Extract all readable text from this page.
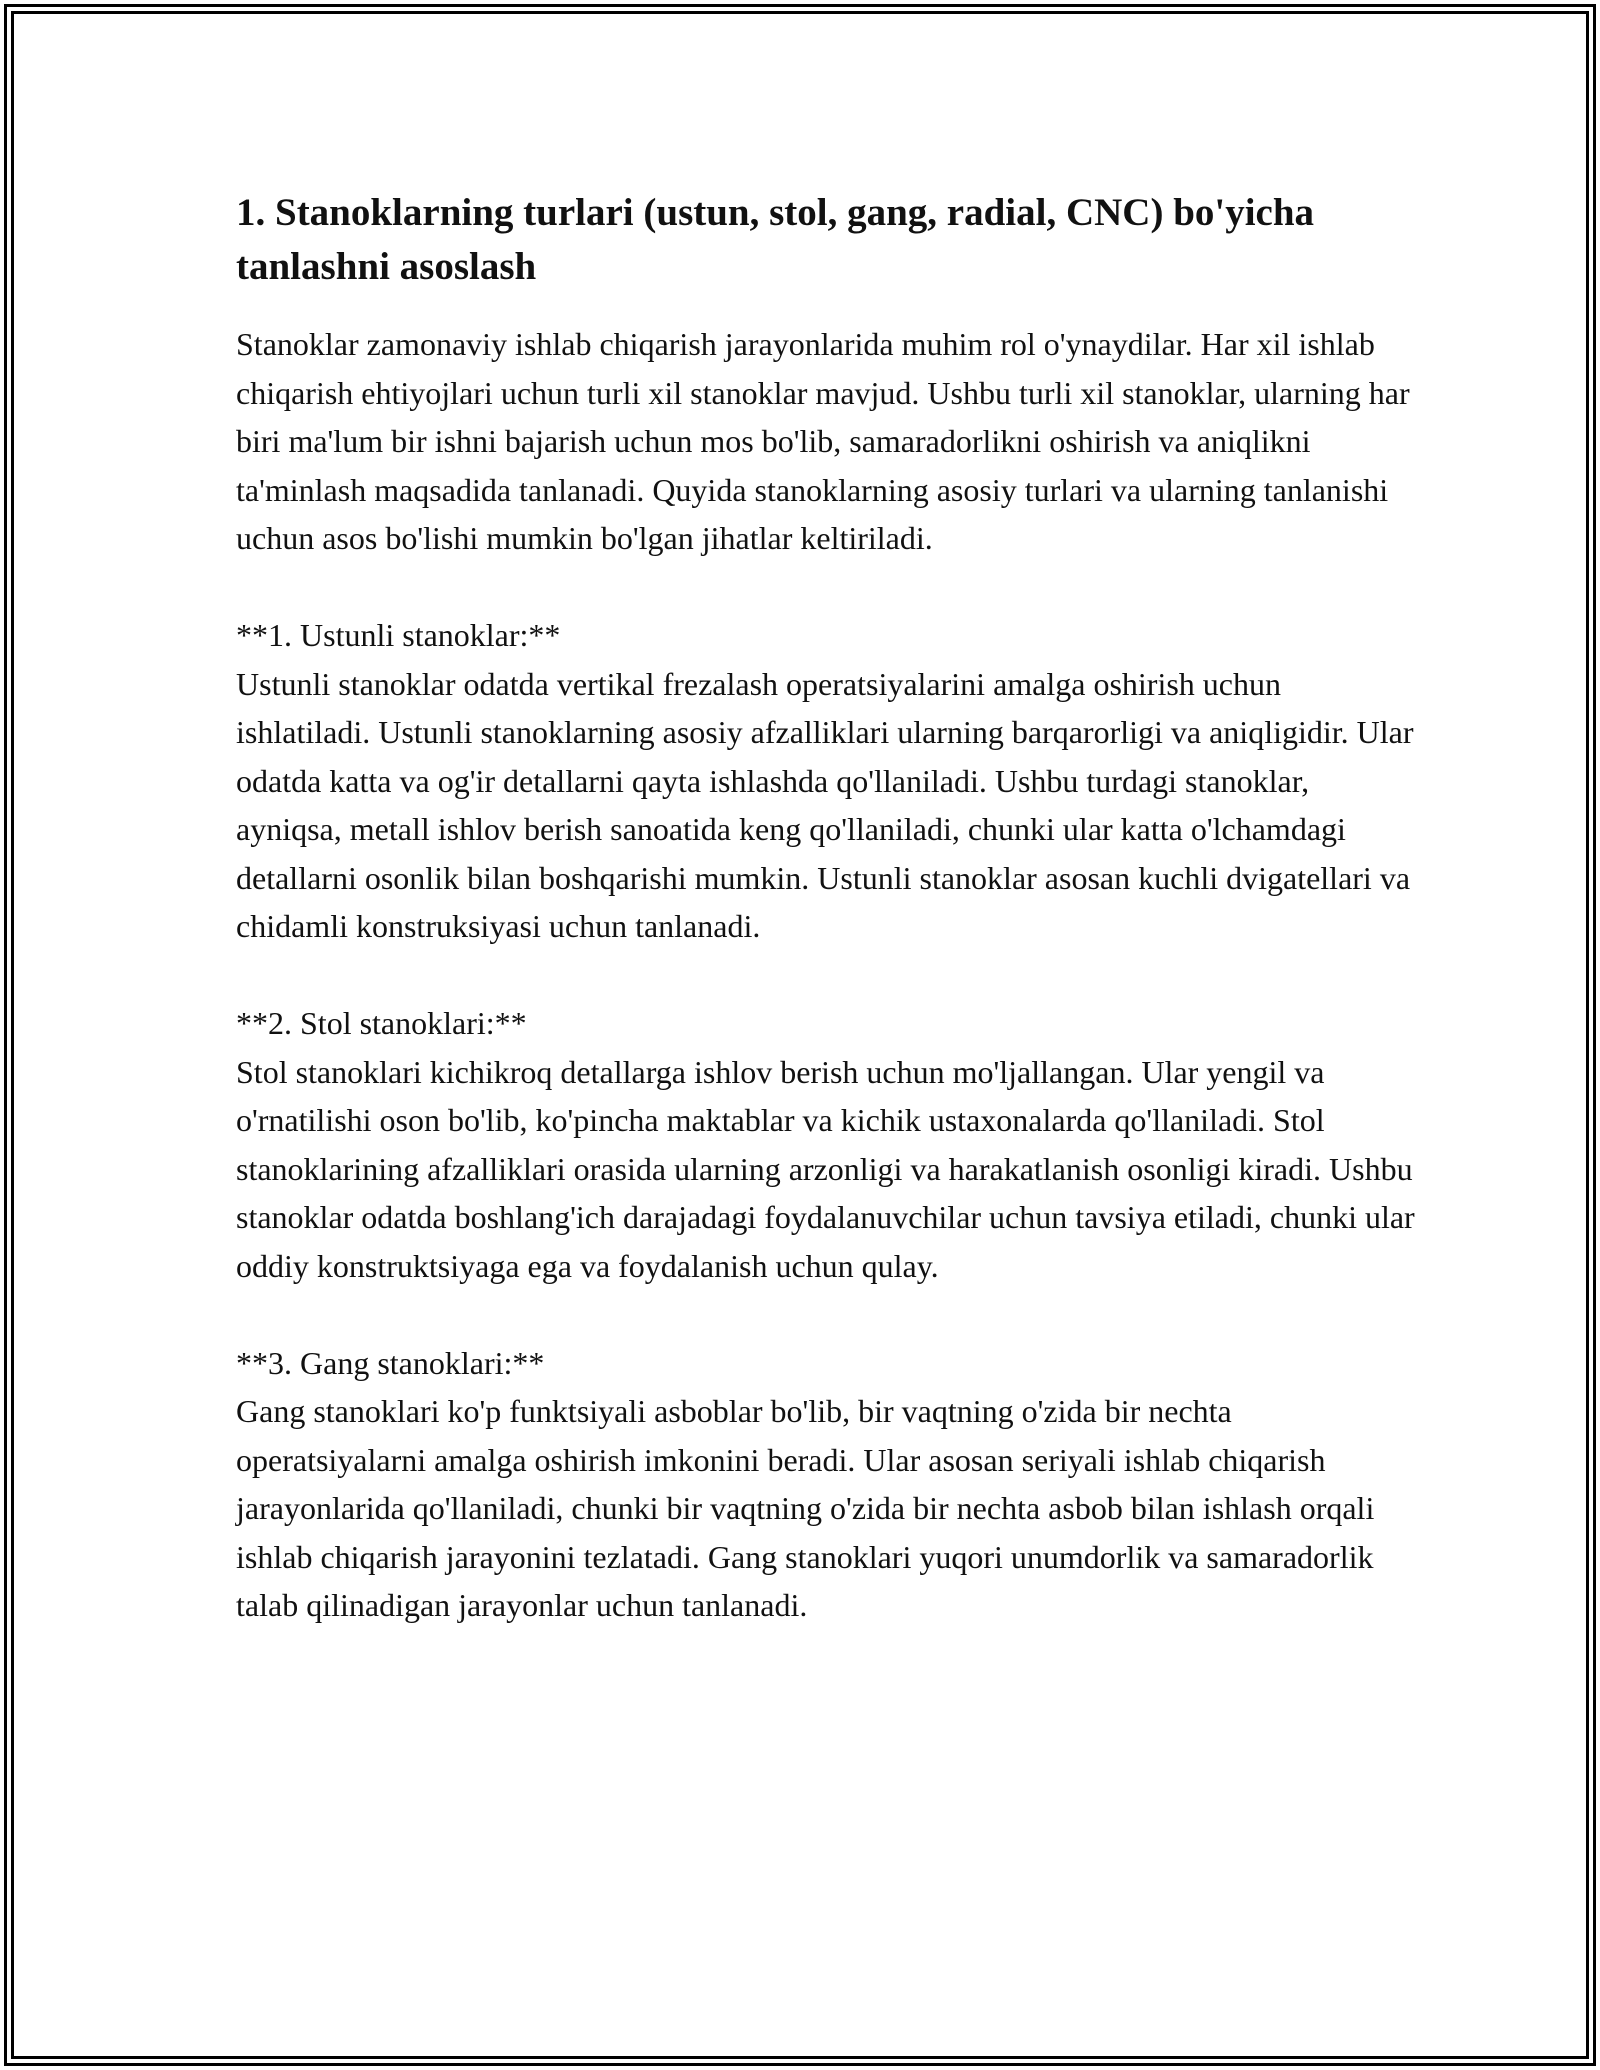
1. Stanoklarning turlari (ustun, stol, gang, radial, CNC) bo'yicha tanlashni asoslash

Stanoklar zamonaviy ishlab chiqarish jarayonlarida muhim rol o'ynaydilar. Har xil ishlab chiqarish ehtiyojlari uchun turli xil stanoklar mavjud. Ushbu turli xil stanoklar, ularning har biri ma'lum bir ishni bajarish uchun mos bo'lib, samaradorlikni oshirish va aniqlikni ta'minlash maqsadida tanlanadi. Quyida stanoklarning asosiy turlari va ularning tanlanishi uchun asos bo'lishi mumkin bo'lgan jihatlar keltiriladi.

**1. Ustunli stanoklar:**

Ustunli stanoklar odatda vertikal frezalash operatsiyalarini amalga oshirish uchun ishlatiladi. Ustunli stanoklarning asosiy afzalliklari ularning barqarorligi va aniqligidir. Ular odatda katta va og'ir detallarni qayta ishlashda qo'llaniladi. Ushbu turdagi stanoklar, ayniqsa, metall ishlov berish sanoatida keng qo'llaniladi, chunki ular katta o'lchamdagi detallarni osonlik bilan boshqarishi mumkin. Ustunli stanoklar asosan kuchli dvigatellari va chidamli konstruksiyasi uchun tanlanadi.

**2. Stol stanoklari:**

Stol stanoklari kichikroq detallarga ishlov berish uchun mo'ljallangan. Ular yengil va o'rnatilishi oson bo'lib, ko'pincha maktablar va kichik ustaxonalarda qo'llaniladi. Stol stanoklarining afzalliklari orasida ularning arzonligi va harakatlanish osonligi kiradi. Ushbu stanoklar odatda boshlang'ich darajadagi foydalanuvchilar uchun tavsiya etiladi, chunki ular oddiy konstruktsiyaga ega va foydalanish uchun qulay.

**3. Gang stanoklari:**

Gang stanoklari ko'p funktsiyali asboblar bo'lib, bir vaqtning o'zida bir nechta operatsiyalarni amalga oshirish imkonini beradi. Ular asosan seriyali ishlab chiqarish jarayonlarida qo'llaniladi, chunki bir vaqtning o'zida bir nechta asbob bilan ishlash orqali ishlab chiqarish jarayonini tezlatadi. Gang stanoklari yuqori unumdorlik va samaradorlik talab qilinadigan jarayonlar uchun tanlanadi.
